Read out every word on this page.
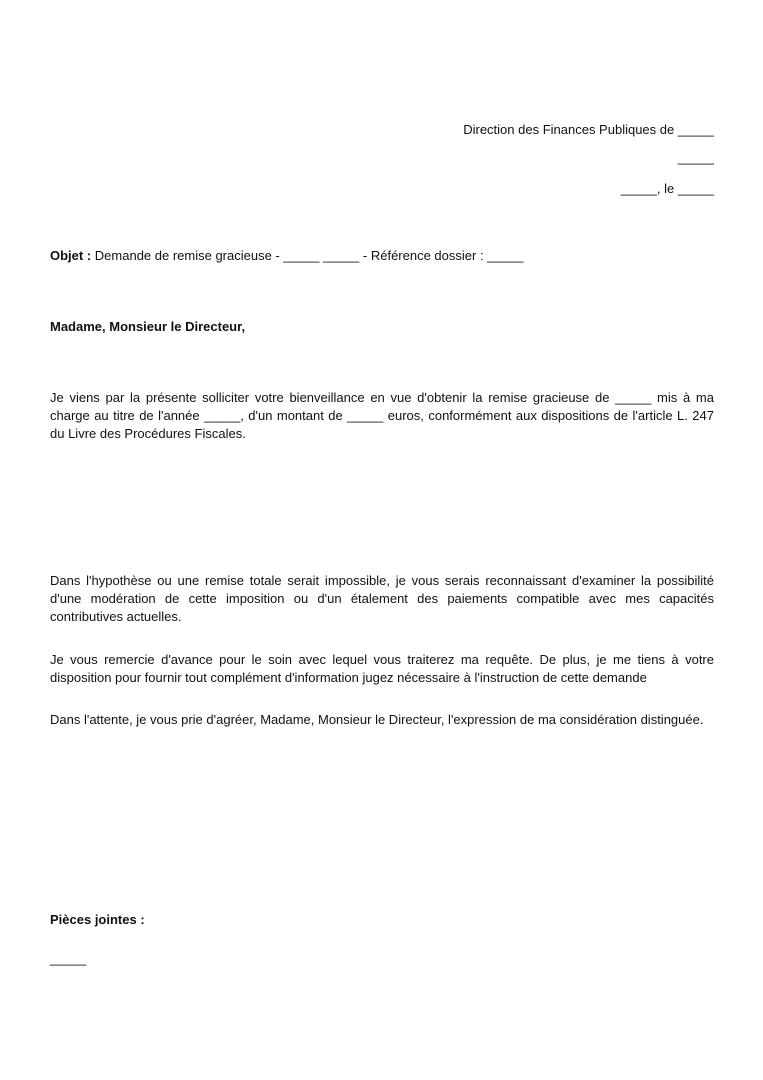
Direction des Finances Publiques de _____
_____
_____, le _____
Objet : Demande de remise gracieuse - _____ _____ - Référence dossier : _____
Madame, Monsieur le Directeur,

Je viens par la présente solliciter votre bienveillance en vue d'obtenir la remise gracieuse de _____ mis à ma charge au titre de l'année _____, d'un montant de _____ euros, conformément aux dispositions de l'article L. 247 du Livre des Procédures Fiscales.

Dans l'hypothèse ou une remise totale serait impossible, je vous serais reconnaissant d'examiner la possibilité d'une modération de cette imposition ou d'un étalement des paiements compatible avec mes capacités contributives actuelles.

Je vous remercie d'avance pour le soin avec lequel vous traiterez ma requête. De plus, je me tiens à votre disposition pour fournir tout complément d'information jugez nécessaire à l'instruction de cette demande

Dans l'attente, je vous prie d'agréer, Madame, Monsieur le Directeur, l'expression de ma considération distinguée.

Pièces jointes :
_____
